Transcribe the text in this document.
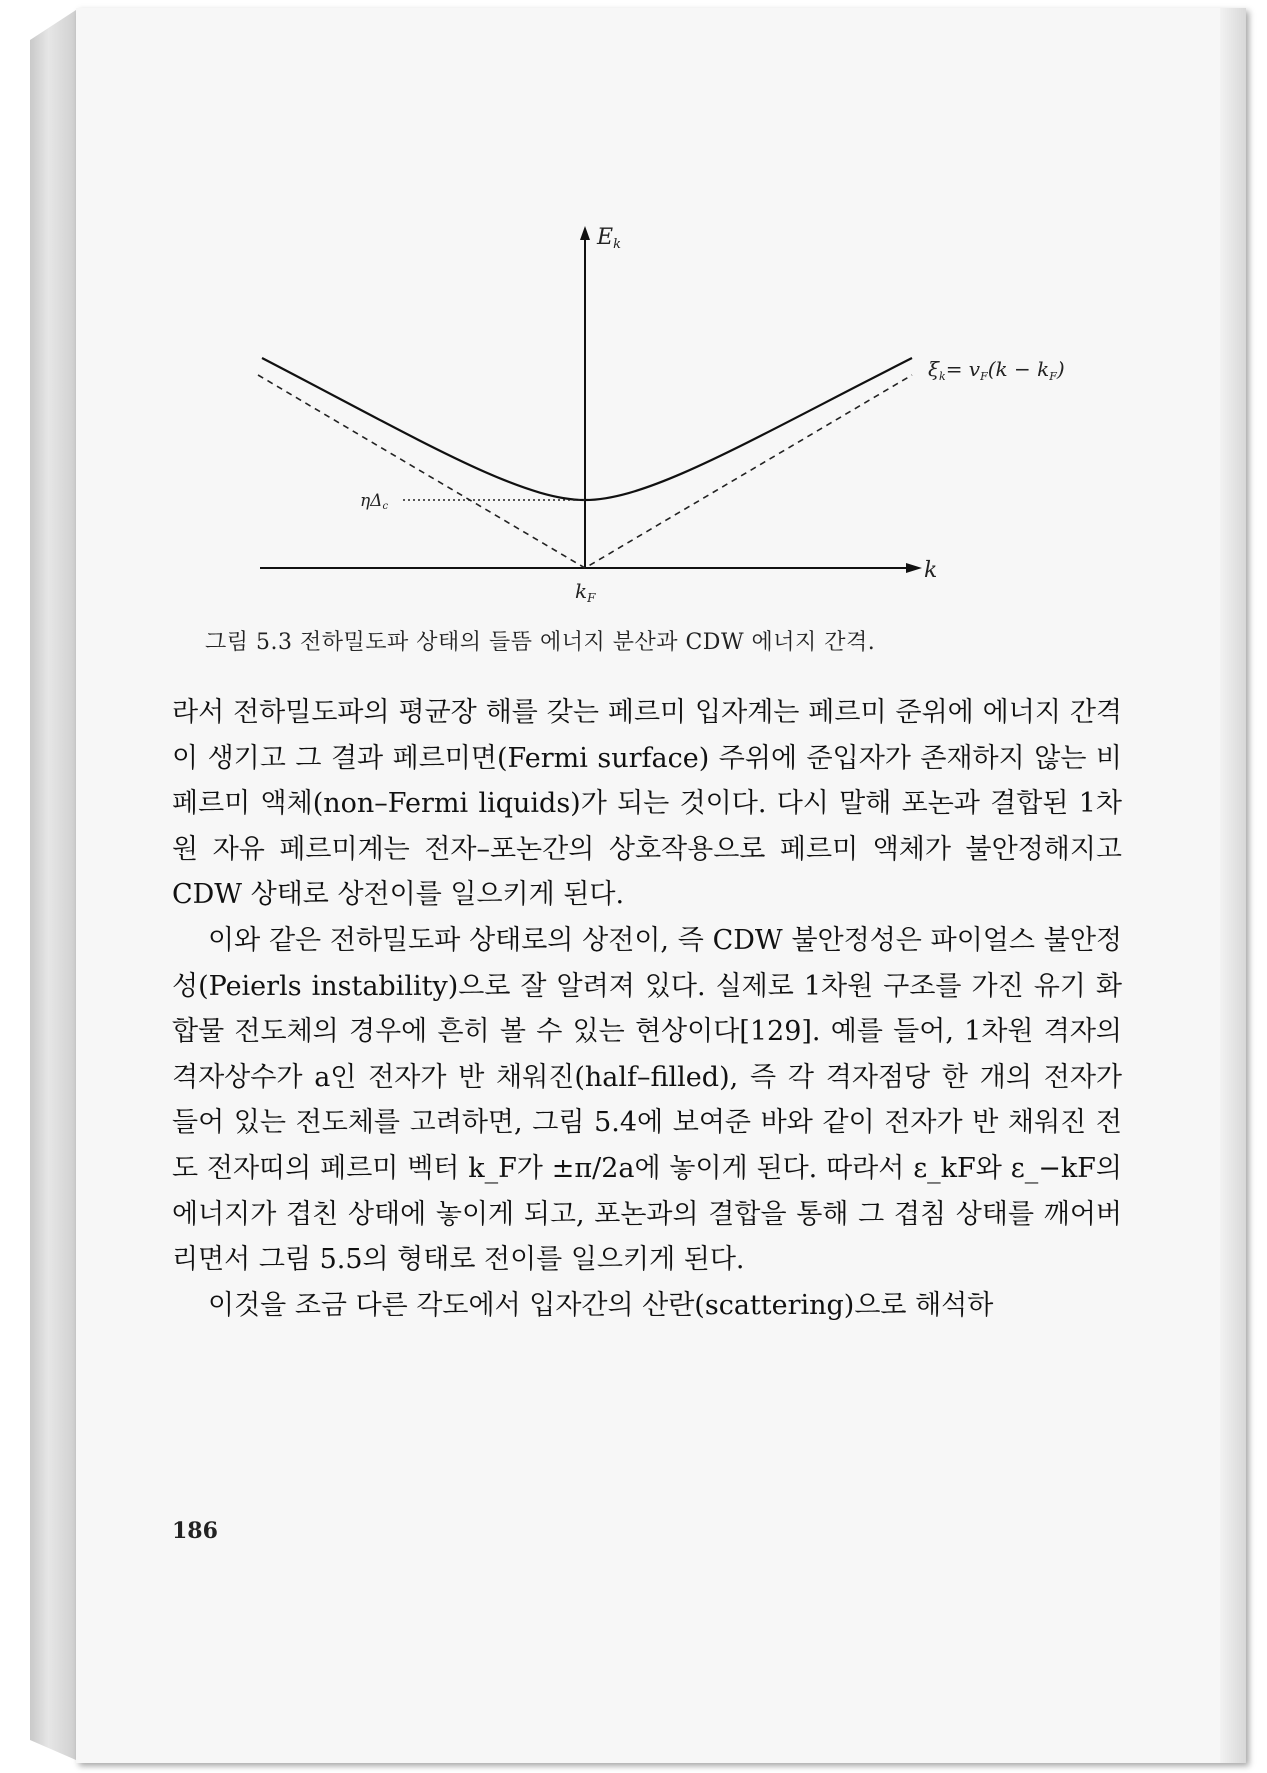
Ek
k
$k_F$
ηΔc
$\xi_k= v_F(k - k_F)$
그림 5.3 전하밀도파 상태의 들뜸 에너지 분산과 CDW 에너지 간격.

라서 전하밀도파의 평균장 해를 갖는 페르미 입자계는 페르미 준위에 에너지 간격이 생기고 그 결과 페르미면(Fermi surface) 주위에 준입자가 존재하지 않는 비페르미 액체(non–Fermi liquids)가 되는 것이다. 다시 말해 포논과 결합된 1차원 자유 페르미계는 전자–포논간의 상호작용으로 페르미 액체가 불안정해지고 CDW 상태로 상전이를 일으키게 된다.

이와 같은 전하밀도파 상태로의 상전이, 즉 CDW 불안정성은 파이얼스 불안정성(Peierls instability)으로 잘 알려져 있다. 실제로 1차원 구조를 가진 유기 화합물 전도체의 경우에 흔히 볼 수 있는 현상이다[129]. 예를 들어, 1차원 격자의 격자상수가 a인 전자가 반 채워진(half–filled), 즉 각 격자점당 한 개의 전자가 들어 있는 전도체를 고려하면, 그림 5.4에 보여준 바와 같이 전자가 반 채워진 전도 전자띠의 페르미 벡터 k_F가 ±π/2a에 놓이게 된다. 따라서 ε_kF와 ε_−kF의 에너지가 겹친 상태에 놓이게 되고, 포논과의 결합을 통해 그 겹침 상태를 깨어버리면서 그림 5.5의 형태로 전이를 일으키게 된다.

이것을 조금 다른 각도에서 입자간의 산란(scattering)으로 해석하

186
